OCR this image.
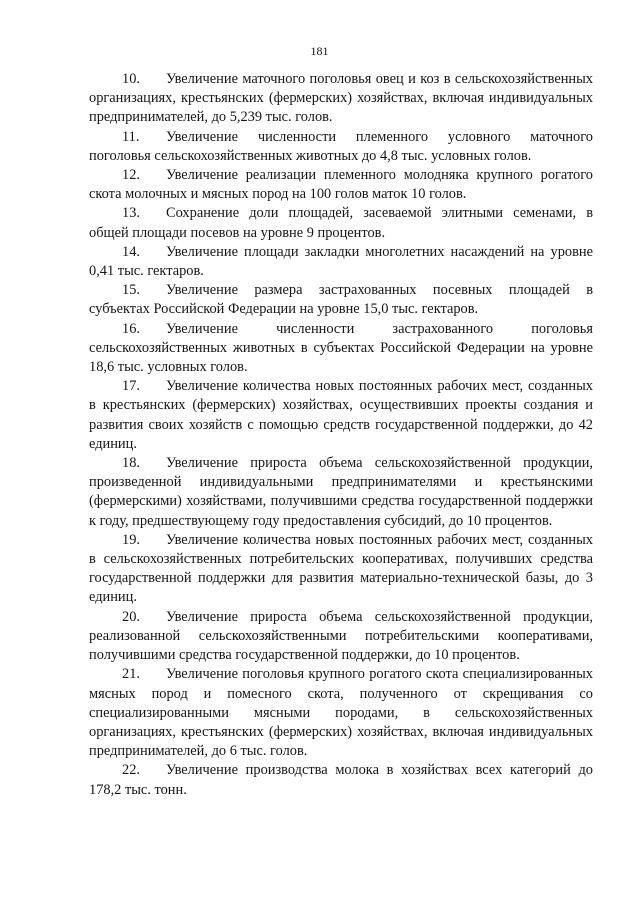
181

10. Увеличение маточного поголовья овец и коз в сельскохозяйственных организациях, крестьянских (фермерских) хозяйствах, включая индивидуальных предпринимателей, до 5,239 тыс. голов.

11. Увеличение численности племенного условного маточного поголовья сельскохозяйственных животных до 4,8 тыс. условных голов.

12. Увеличение реализации племенного молодняка крупного рогатого скота молочных и мясных пород на 100 голов маток 10 голов.

13. Сохранение доли площадей, засеваемой элитными семенами, в общей площади посевов на уровне 9 процентов.

14. Увеличение площади закладки многолетних насаждений на уровне 0,41 тыс. гектаров.

15. Увеличение размера застрахованных посевных площадей в субъектах Российской Федерации на уровне 15,0 тыс. гектаров.

16. Увеличение численности застрахованного поголовья сельскохозяйственных животных в субъектах Российской Федерации на уровне 18,6 тыс. условных голов.

17. Увеличение количества новых постоянных рабочих мест, созданных в крестьянских (фермерских) хозяйствах, осуществивших проекты создания и развития своих хозяйств с помощью средств государственной поддержки, до 42 единиц.

18. Увеличение прироста объема сельскохозяйственной продукции, произведенной индивидуальными предпринимателями и крестьянскими (фермерскими) хозяйствами, получившими средства государственной поддержки к году, предшествующему году предоставления субсидий, до 10 процентов.

19. Увеличение количества новых постоянных рабочих мест, созданных в сельскохозяйственных потребительских кооперативах, получивших средства государственной поддержки для развития материально-технической базы, до 3 единиц.

20. Увеличение прироста объема сельскохозяйственной продукции, реализованной сельскохозяйственными потребительскими кооперативами, получившими средства государственной поддержки, до 10 процентов.

21. Увеличение поголовья крупного рогатого скота специализированных мясных пород и помесного скота, полученного от скрещивания со специализированными мясными породами, в сельскохозяйственных организациях, крестьянских (фермерских) хозяйствах, включая индивидуальных предпринимателей, до 6 тыс. голов.

22. Увеличение производства молока в хозяйствах всех категорий до 178,2 тыс. тонн.
